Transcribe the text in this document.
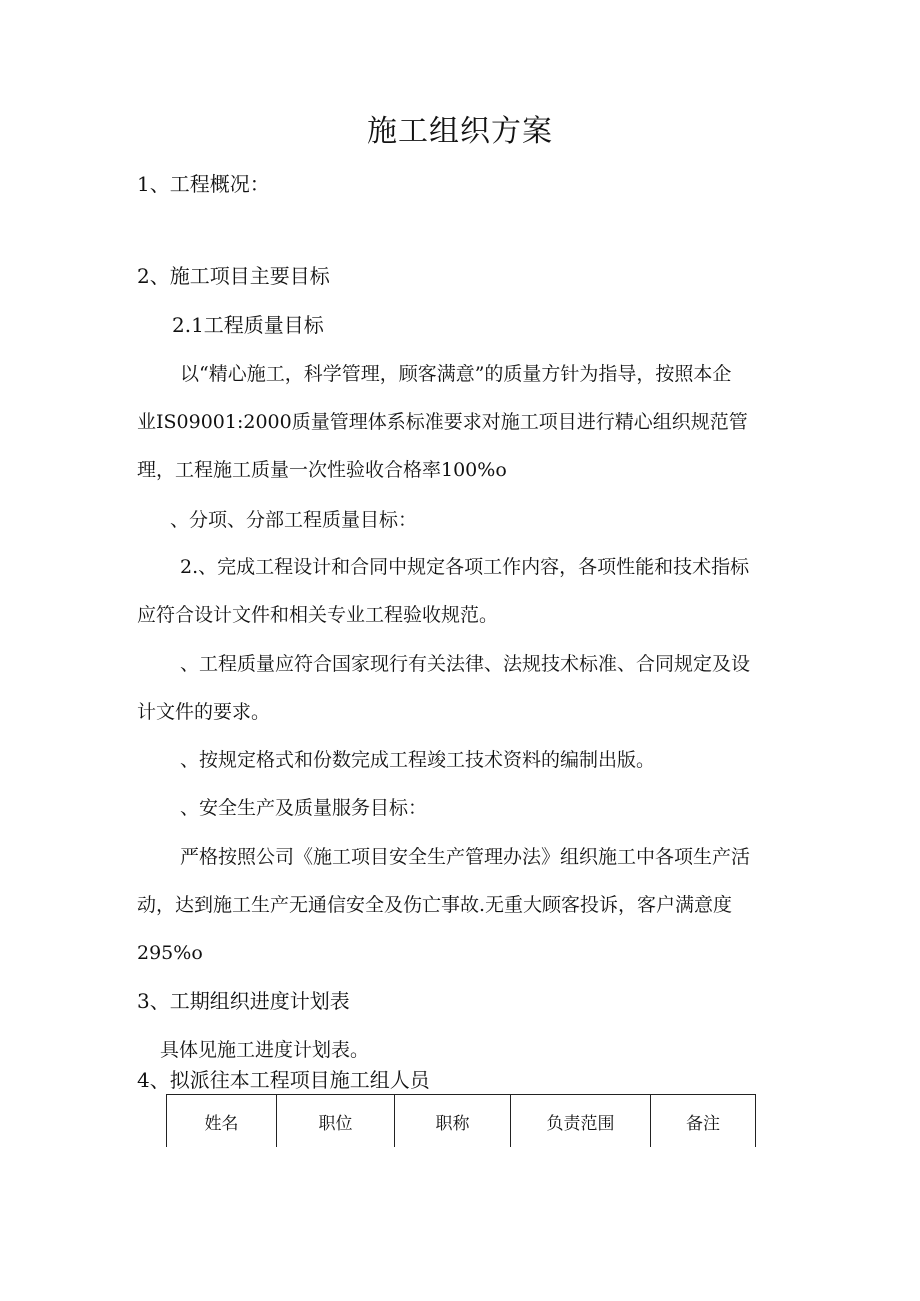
施工组织方案
1、工程概况：
2、施工项目主要目标
2.1工程质量目标
以“精心施工，科学管理，顾客满意”的质量方针为指导，按照本企
业IS09001:2000质量管理体系标准要求对施工项目进行精心组织规范管
理，工程施工质量一次性验收合格率100%o
、分项、分部工程质量目标：
2.、完成工程设计和合同中规定各项工作内容，各项性能和技术指标
应符合设计文件和相关专业工程验收规范。
、工程质量应符合国家现行有关法律、法规技术标准、合同规定及设
计文件的要求。
、按规定格式和份数完成工程竣工技术资料的编制出版。
、安全生产及质量服务目标：
严格按照公司《施工项目安全生产管理办法》组织施工中各项生产活
动，达到施工生产无通信安全及伤亡事故.无重大顾客投诉，客户满意度
295%o
3、工期组织进度计划表
具体见施工进度计划表。
4、拟派往本工程项目施工组人员
姓名	职位	职称	负责范围	备注
